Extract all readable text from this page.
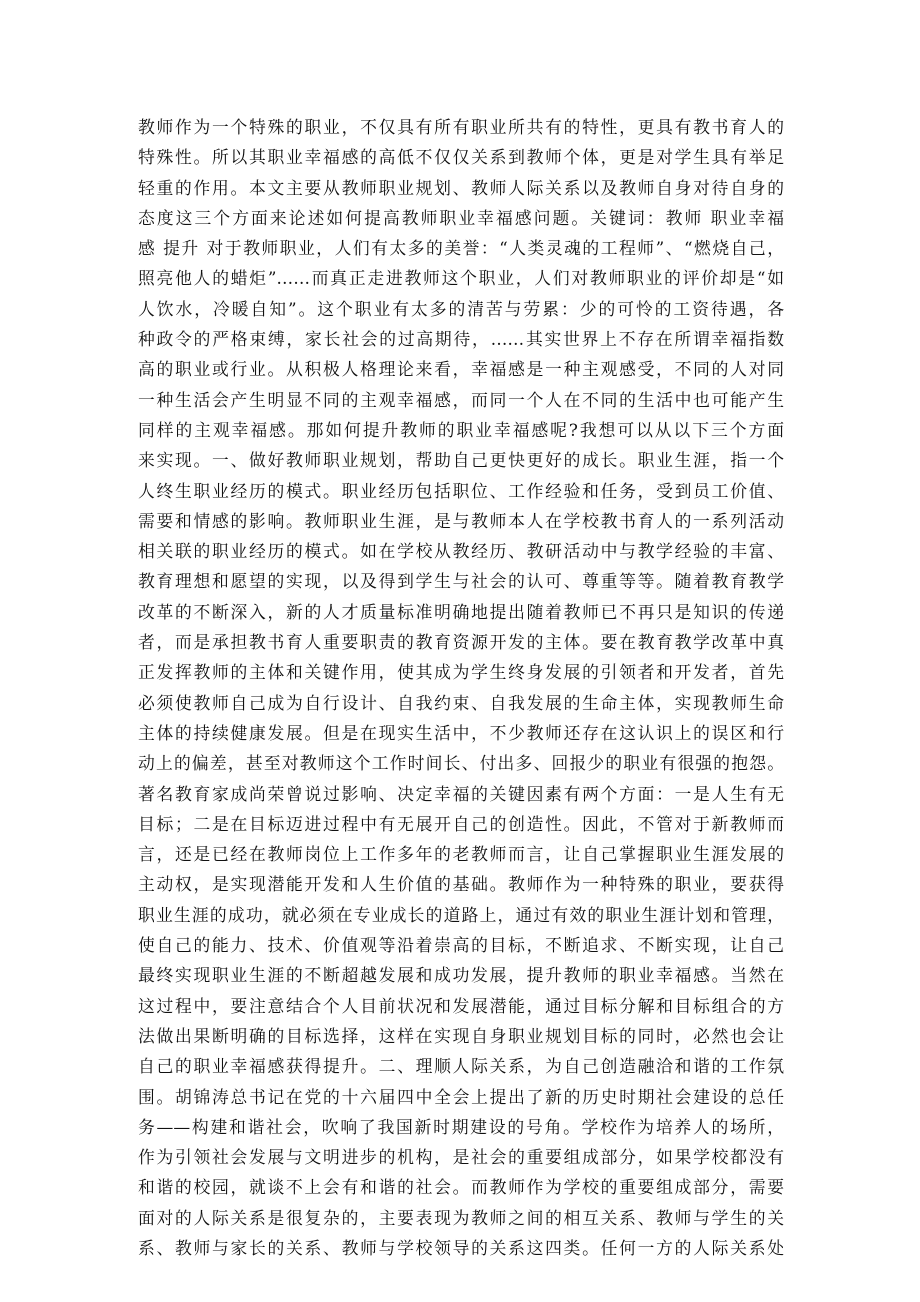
教师作为一个特殊的职业，不仅具有所有职业所共有的特性，更具有教书育人的
特殊性。所以其职业幸福感的高低不仅仅关系到教师个体，更是对学生具有举足
轻重的作用。本文主要从教师职业规划、教师人际关系以及教师自身对待自身的
态度这三个方面来论述如何提高教师职业幸福感问题。关键词：教师 职业幸福
感 提升 对于教师职业，人们有太多的美誉：“人类灵魂的工程师”、“燃烧自己，
照亮他人的蜡炬”……而真正走进教师这个职业，人们对教师职业的评价却是“如
人饮水，冷暖自知”。这个职业有太多的清苦与劳累：少的可怜的工资待遇，各
种政令的严格束缚，家长社会的过高期待，……其实世界上不存在所谓幸福指数
高的职业或行业。从积极人格理论来看，幸福感是一种主观感受，不同的人对同
一种生活会产生明显不同的主观幸福感，而同一个人在不同的生活中也可能产生
同样的主观幸福感。那如何提升教师的职业幸福感呢?我想可以从以下三个方面
来实现。一、做好教师职业规划，帮助自己更快更好的成长。职业生涯，指一个
人终生职业经历的模式。职业经历包括职位、工作经验和任务，受到员工价值、
需要和情感的影响。教师职业生涯，是与教师本人在学校教书育人的一系列活动
相关联的职业经历的模式。如在学校从教经历、教研活动中与教学经验的丰富、
教育理想和愿望的实现，以及得到学生与社会的认可、尊重等等。随着教育教学
改革的不断深入，新的人才质量标准明确地提出随着教师已不再只是知识的传递
者，而是承担教书育人重要职责的教育资源开发的主体。要在教育教学改革中真
正发挥教师的主体和关键作用，使其成为学生终身发展的引领者和开发者，首先
必须使教师自己成为自行设计、自我约束、自我发展的生命主体，实现教师生命
主体的持续健康发展。但是在现实生活中，不少教师还存在这认识上的误区和行
动上的偏差，甚至对教师这个工作时间长、付出多、回报少的职业有很强的抱怨。
著名教育家成尚荣曾说过影响、决定幸福的关键因素有两个方面：一是人生有无
目标；二是在目标迈进过程中有无展开自己的创造性。因此，不管对于新教师而
言，还是已经在教师岗位上工作多年的老教师而言，让自己掌握职业生涯发展的
主动权，是实现潜能开发和人生价值的基础。教师作为一种特殊的职业，要获得
职业生涯的成功，就必须在专业成长的道路上，通过有效的职业生涯计划和管理，
使自己的能力、技术、价值观等沿着崇高的目标，不断追求、不断实现，让自己
最终实现职业生涯的不断超越发展和成功发展，提升教师的职业幸福感。当然在
这过程中，要注意结合个人目前状况和发展潜能，通过目标分解和目标组合的方
法做出果断明确的目标选择，这样在实现自身职业规划目标的同时，必然也会让
自己的职业幸福感获得提升。二、理顺人际关系，为自己创造融洽和谐的工作氛
围。胡锦涛总书记在党的十六届四中全会上提出了新的历史时期社会建设的总任
务——构建和谐社会，吹响了我国新时期建设的号角。学校作为培养人的场所，
作为引领社会发展与文明进步的机构，是社会的重要组成部分，如果学校都没有
和谐的校园，就谈不上会有和谐的社会。而教师作为学校的重要组成部分，需要
面对的人际关系是很复杂的，主要表现为教师之间的相互关系、教师与学生的关
系、教师与家长的关系、教师与学校领导的关系这四类。任何一方的人际关系处
